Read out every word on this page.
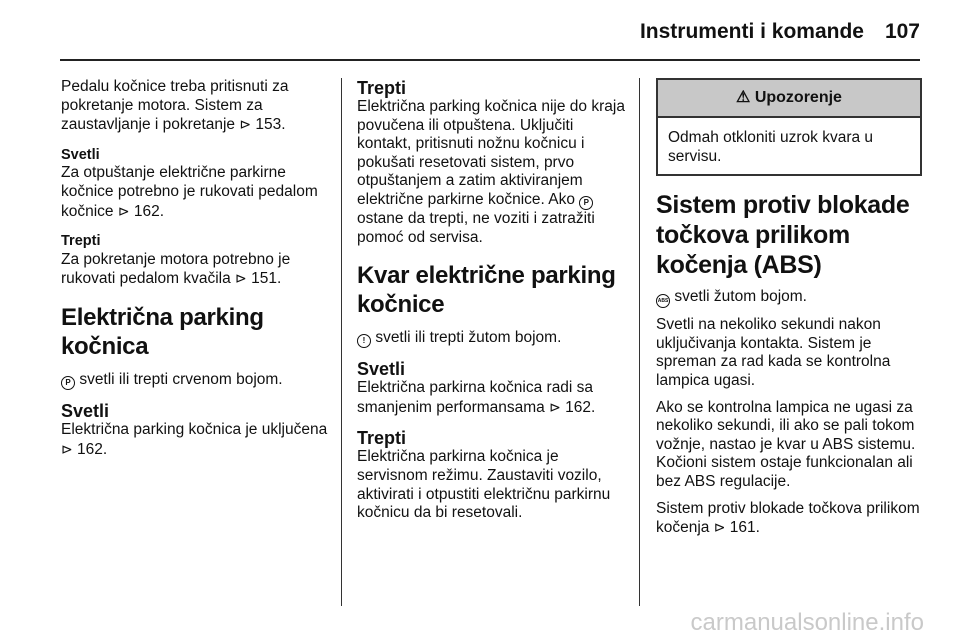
Instrumenti i komande 107

Pedalu kočnice treba pritisnuti za pokretanje motora. Sistem za zaustavljanje i pokretanje ⊳ 153.

Svetli

Za otpuštanje električne parkirne kočnice potrebno je rukovati pedalom kočnice ⊳ 162.

Trepti

Za pokretanje motora potrebno je rukovati pedalom kvačila ⊳ 151.

Električna parking kočnica

P svetli ili trepti crvenom bojom.

Svetli

Električna parking kočnica je uključena ⊳ 162.

Trepti

Električna parking kočnica nije do kraja povučena ili otpuštena. Uključiti kontakt, pritisnuti nožnu kočnicu i pokušati resetovati sistem, prvo otpuštanjem a zatim aktiviranjem električne parkirne kočnice. Ako P ostane da trepti, ne voziti i zatražiti pomoć od servisa.

Kvar električne parking kočnice

! svetli ili trepti žutom bojom.

Svetli

Električna parkirna kočnica radi sa smanjenim performansama ⊳ 162.

Trepti

Električna parkirna kočnica je servisnom režimu. Zaustaviti vozilo, aktivirati i otpustiti električnu parkirnu kočnicu da bi resetovali.

⚠ Upozorenje
Odmah otkloniti uzrok kvara u servisu.
Sistem protiv blokade točkova prilikom kočenja (ABS)

ABS svetli žutom bojom.

Svetli na nekoliko sekundi nakon uključivanja kontakta. Sistem je spreman za rad kada se kontrolna lampica ugasi.

Ako se kontrolna lampica ne ugasi za nekoliko sekundi, ili ako se pali tokom vožnje, nastao je kvar u ABS sistemu. Kočioni sistem ostaje funkcionalan ali bez ABS regulacije.

Sistem protiv blokade točkova prilikom kočenja ⊳ 161.

carmanualsonline.info
